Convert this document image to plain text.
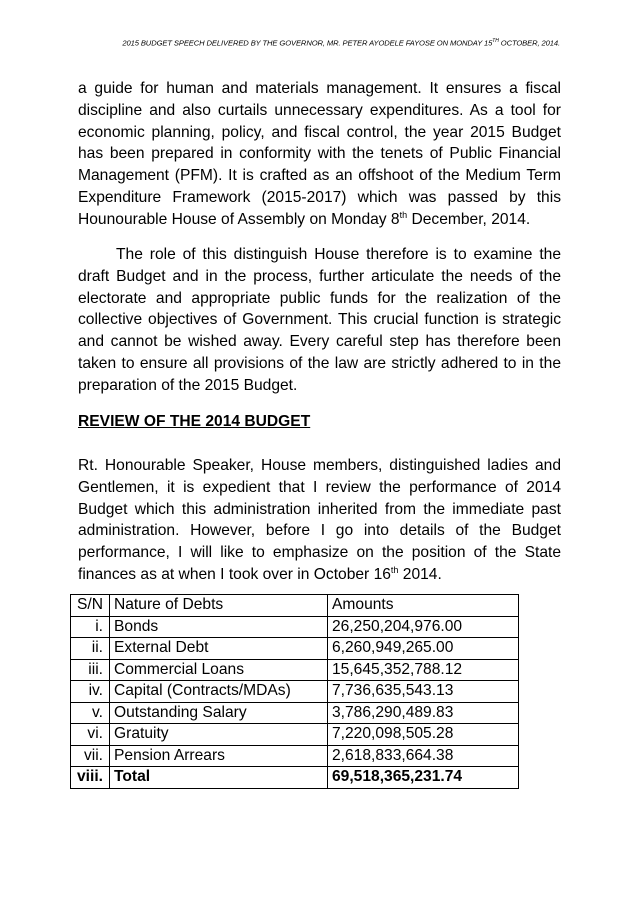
2015 BUDGET SPEECH DELIVERED BY THE GOVERNOR, MR. PETER AYODELE FAYOSE ON MONDAY 15TH OCTOBER, 2014.

a guide for human and materials management. It ensures a fiscal discipline and also curtails unnecessary expenditures. As a tool for economic planning, policy, and fiscal control, the year 2015 Budget has been prepared in conformity with the tenets of Public Financial Management (PFM). It is crafted as an offshoot of the Medium Term Expenditure Framework (2015-2017) which was passed by this Hounourable House of Assembly on Monday 8th December, 2014.

The role of this distinguish House therefore is to examine the draft Budget and in the process, further articulate the needs of the electorate and appropriate public funds for the realization of the collective objectives of Government. This crucial function is strategic and cannot be wished away. Every careful step has therefore been taken to ensure all provisions of the law are strictly adhered to in the preparation of the 2015 Budget.

REVIEW OF THE 2014 BUDGET

Rt. Honourable Speaker, House members, distinguished ladies and Gentlemen, it is expedient that I review the performance of 2014 Budget which this administration inherited from the immediate past administration. However, before I go into details of the Budget performance, I will like to emphasize on the position of the State finances as at when I took over in October 16th 2014.

S/N	Nature of Debts	Amounts
i.	Bonds	26,250,204,976.00
ii.	External Debt	6,260,949,265.00
iii.	Commercial Loans	15,645,352,788.12
iv.	Capital (Contracts/MDAs)	7,736,635,543.13
v.	Outstanding Salary	3,786,290,489.83
vi.	Gratuity	7,220,098,505.28
vii.	Pension Arrears	2,618,833,664.38
viii.	Total	69,518,365,231.74
